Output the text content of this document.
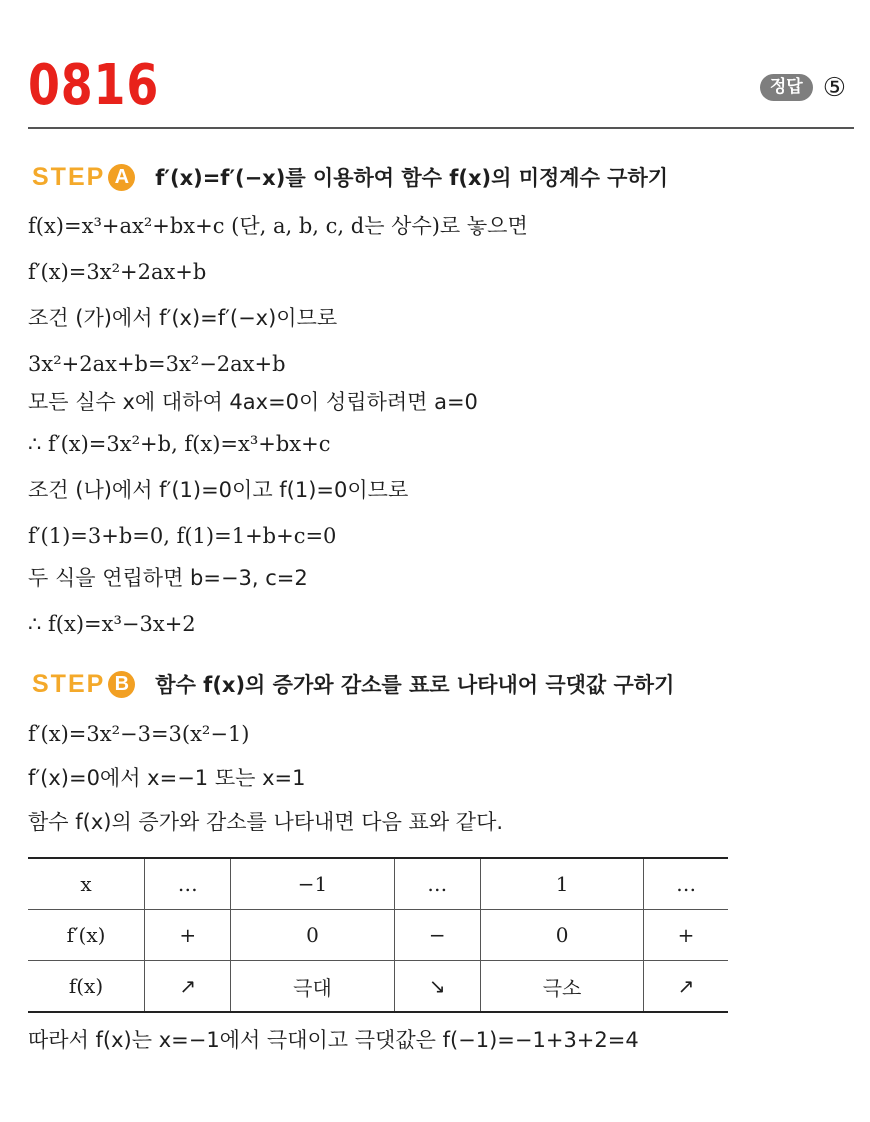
0816	정답 ⑤
STEP A f′(x)=f′(−x)를 이용하여 함수 f(x)의 미정계수 구하기
f(x)=x³+ax²+bx+c (단, a, b, c, d는 상수)로 놓으면
f′(x)=3x²+2ax+b
조건 (가)에서 f′(x)=f′(−x)이므로
3x²+2ax+b=3x²−2ax+b
모든 실수 x에 대하여 4ax=0이 성립하려면 a=0
∴ f′(x)=3x²+b, f(x)=x³+bx+c
조건 (나)에서 f′(1)=0이고 f(1)=0이므로
f′(1)=3+b=0, f(1)=1+b+c=0
두 식을 연립하면 b=−3, c=2
∴ f(x)=x³−3x+2
STEP B 함수 f(x)의 증가와 감소를 표로 나타내어 극댓값 구하기
f′(x)=3x²−3=3(x²−1)
f′(x)=0에서 x=−1 또는 x=1
함수 f(x)의 증가와 감소를 나타내면 다음 표와 같다.
x	…	−1	…	1	…
f′(x)	+	0	−	0	+
f(x)	↗	극대	↘	극소	↗
따라서 f(x)는 x=−1에서 극대이고 극댓값은 f(−1)=−1+3+2=4
